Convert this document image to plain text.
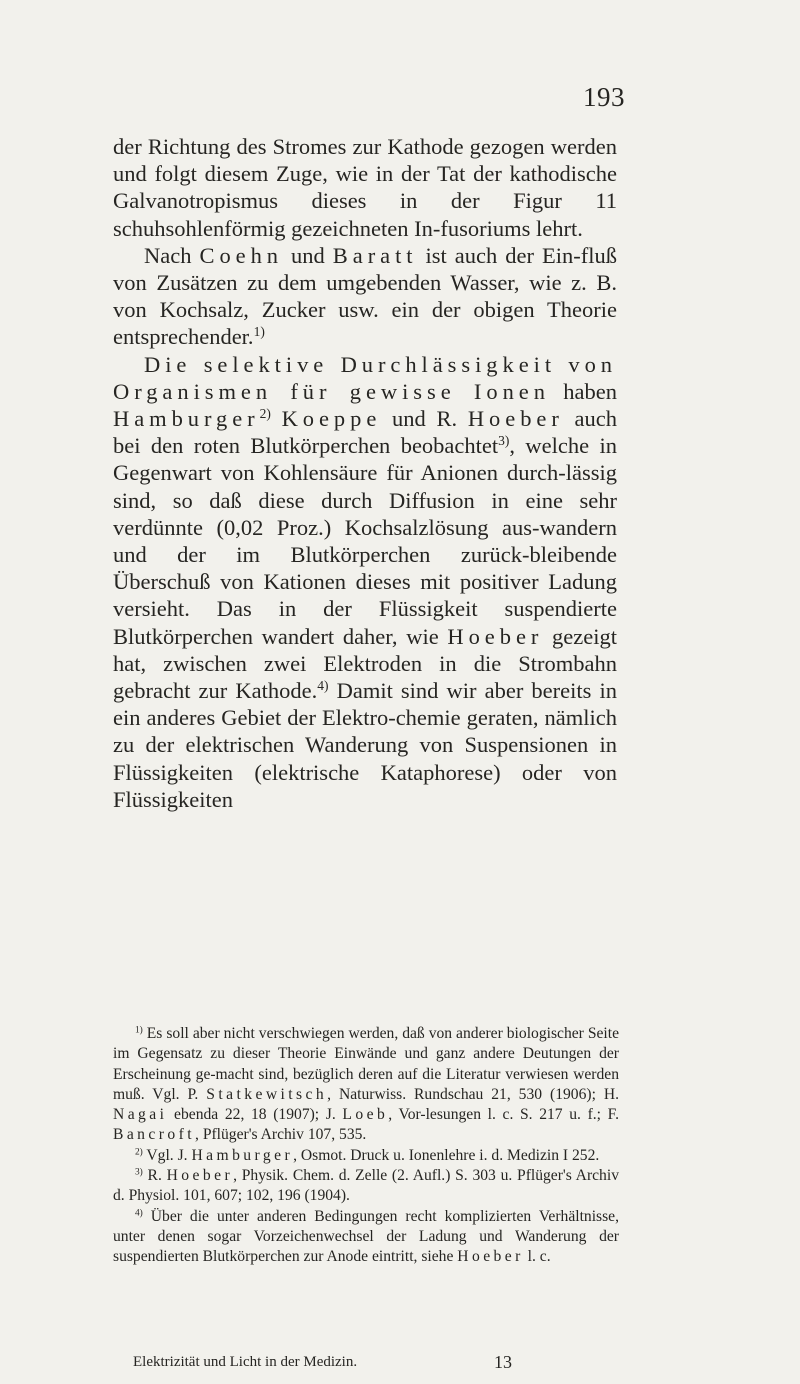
193

der Richtung des Stromes zur Kathode gezogen werden und folgt diesem Zuge, wie in der Tat der kathodische Galvanotropismus dieses in der Figur 11 schuhsohlenförmig gezeichneten In-fusoriums lehrt.

Nach Coehn und Baratt ist auch der Ein-fluß von Zusätzen zu dem umgebenden Wasser, wie z. B. von Kochsalz, Zucker usw. ein der obigen Theorie entsprechender.$^{1)}$

Die selektive Durchlässigkeit von Organismen für gewisse Ionen haben Hamburger$^{2)}$ Koeppe und R. Hoeber auch bei den roten Blutkörperchen beobachtet$^{3)}$, welche in Gegenwart von Kohlensäure für Anionen durch-lässig sind, so daß diese durch Diffusion in eine sehr verdünnte (0,02 Proz.) Kochsalzlösung aus-wandern und der im Blutkörperchen zurück-bleibende Überschuß von Kationen dieses mit positiver Ladung versieht. Das in der Flüssigkeit suspendierte Blutkörperchen wandert daher, wie Hoeber gezeigt hat, zwischen zwei Elektroden in die Strombahn gebracht zur Kathode.$^{4)}$ Damit sind wir aber bereits in ein anderes Gebiet der Elektro-chemie geraten, nämlich zu der elektrischen Wanderung von Suspensionen in Flüssigkeiten (elektrische Kataphorese) oder von Flüssigkeiten

$^{1)}$ Es soll aber nicht verschwiegen werden, daß von anderer biologischer Seite im Gegensatz zu dieser Theorie Einwände und ganz andere Deutungen der Erscheinung ge-macht sind, bezüglich deren auf die Literatur verwiesen werden muß. Vgl. P. Statkewitsch, Naturwiss. Rundschau 21, 530 (1906); H. Nagai ebenda 22, 18 (1907); J. Loeb, Vor-lesungen l. c. S. 217 u. f.; F. Bancroft, Pflüger's Archiv 107, 535.

$^{2)}$ Vgl. J. Hamburger, Osmot. Druck u. Ionenlehre i. d. Medizin I 252.

$^{3)}$ R. Hoeber, Physik. Chem. d. Zelle (2. Aufl.) S. 303 u. Pflüger's Archiv d. Physiol. 101, 607; 102, 196 (1904).

$^{4)}$ Über die unter anderen Bedingungen recht komplizierten Verhältnisse, unter denen sogar Vorzeichenwechsel der Ladung und Wanderung der suspendierten Blutkörperchen zur Anode eintritt, siehe Hoeber l. c.

Elektrizität und Licht in der Medizin.	13
